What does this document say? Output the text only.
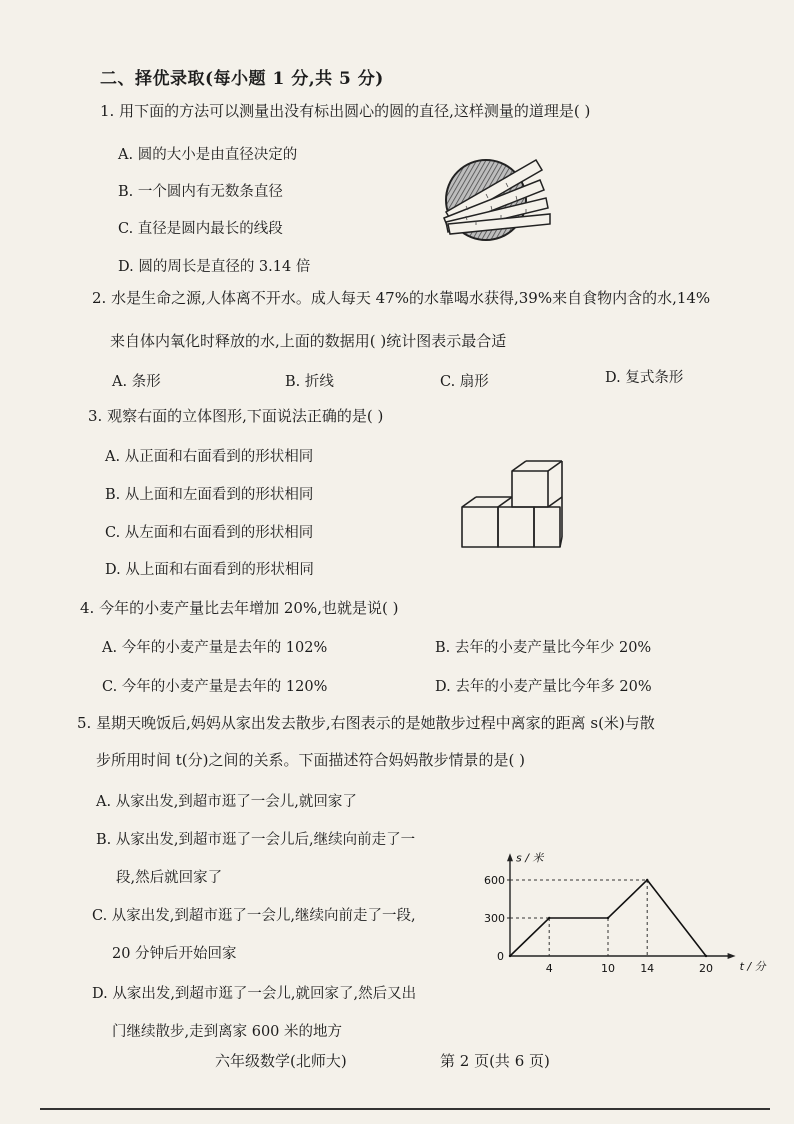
二、择优录取(每小题 1 分,共 5 分)
1. 用下面的方法可以测量出没有标出圆心的圆的直径,这样测量的道理是( )
A. 圆的大小是由直径决定的
B. 一个圆内有无数条直径
C. 直径是圆内最长的线段
D. 圆的周长是直径的 3.14 倍
2. 水是生命之源,人体离不开水。成人每天 47%的水靠喝水获得,39%来自食物内含的水,14%
来自体内氧化时释放的水,上面的数据用( )统计图表示最合适
A. 条形	B. 折线	C. 扇形	D. 复式条形
3. 观察右面的立体图形,下面说法正确的是( )
A. 从正面和右面看到的形状相同
B. 从上面和左面看到的形状相同
C. 从左面和右面看到的形状相同
D. 从上面和右面看到的形状相同
4. 今年的小麦产量比去年增加 20%,也就是说( )
A. 今年的小麦产量是去年的 102%	B. 去年的小麦产量比今年少 20%
C. 今年的小麦产量是去年的 120%	D. 去年的小麦产量比今年多 20%
5. 星期天晚饭后,妈妈从家出发去散步,右图表示的是她散步过程中离家的距离 s(米)与散
步所用时间 t(分)之间的关系。下面描述符合妈妈散步情景的是( )
A. 从家出发,到超市逛了一会儿,就回家了
B. 从家出发,到超市逛了一会儿后,继续向前走了一
段,然后就回家了
C. 从家出发,到超市逛了一会儿,继续向前走了一段,
20 分钟后开始回家
D. 从家出发,到超市逛了一会儿,就回家了,然后又出
门继续散步,走到离家 600 米的地方
4	10 14	20
300
600
0
s / 米
t / 分
六年级数学(北师大)	第 2 页(共 6 页)
